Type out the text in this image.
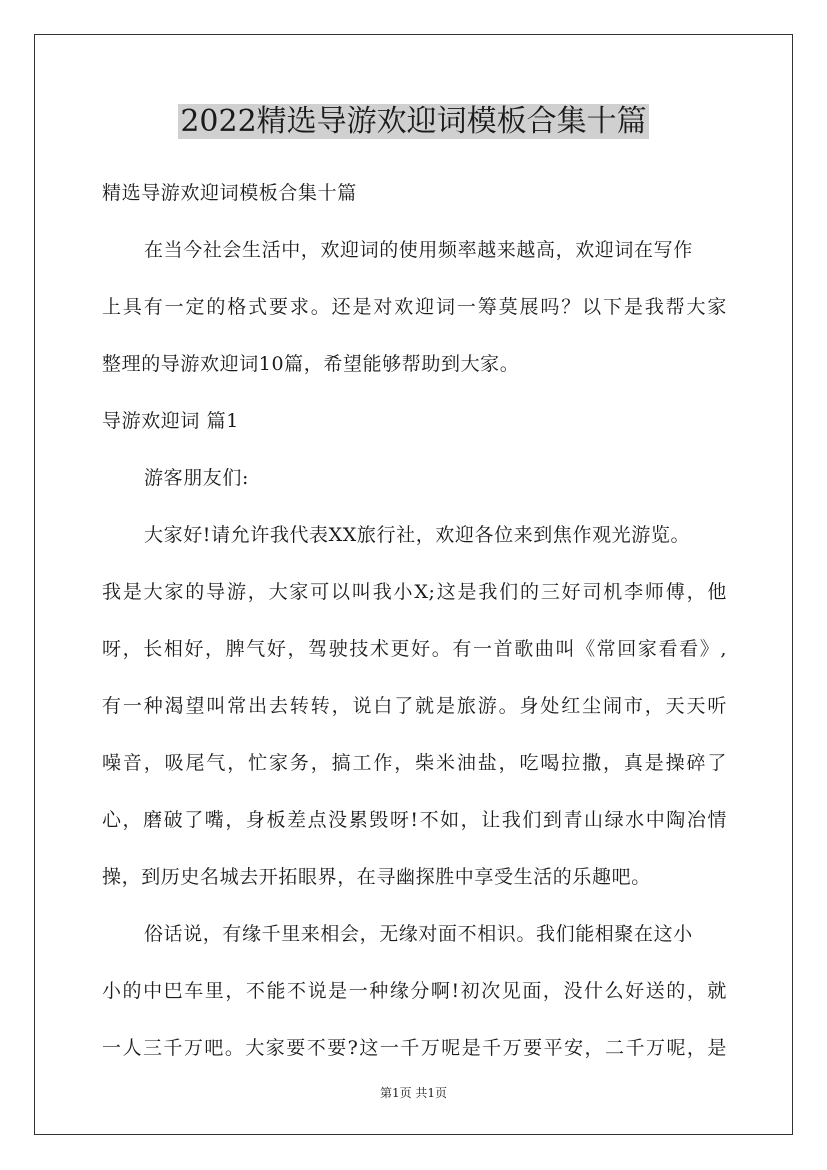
2022精选导游欢迎词模板合集十篇
精选导游欢迎词模板合集十篇
在当今社会生活中，欢迎词的使用频率越来越高，欢迎词在写作
上具有一定的格式要求。还是对欢迎词一筹莫展吗？以下是我帮大家
整理的导游欢迎词10篇，希望能够帮助到大家。
导游欢迎词 篇1
游客朋友们:
大家好!请允许我代表XX旅行社，欢迎各位来到焦作观光游览。
我是大家的导游，大家可以叫我小X;这是我们的三好司机李师傅，他
呀，长相好，脾气好，驾驶技术更好。有一首歌曲叫《常回家看看》,
有一种渴望叫常出去转转，说白了就是旅游。身处红尘闹市，天天听
噪音，吸尾气，忙家务，搞工作，柴米油盐，吃喝拉撒，真是操碎了
心，磨破了嘴，身板差点没累毁呀!不如，让我们到青山绿水中陶冶情
操，到历史名城去开拓眼界，在寻幽探胜中享受生活的乐趣吧。
俗话说，有缘千里来相会，无缘对面不相识。我们能相聚在这小
小的中巴车里，不能不说是一种缘分啊!初次见面，没什么好送的，就
一人三千万吧。大家要不要?这一千万呢是千万要平安，二千万呢，是
第1页 共1页
